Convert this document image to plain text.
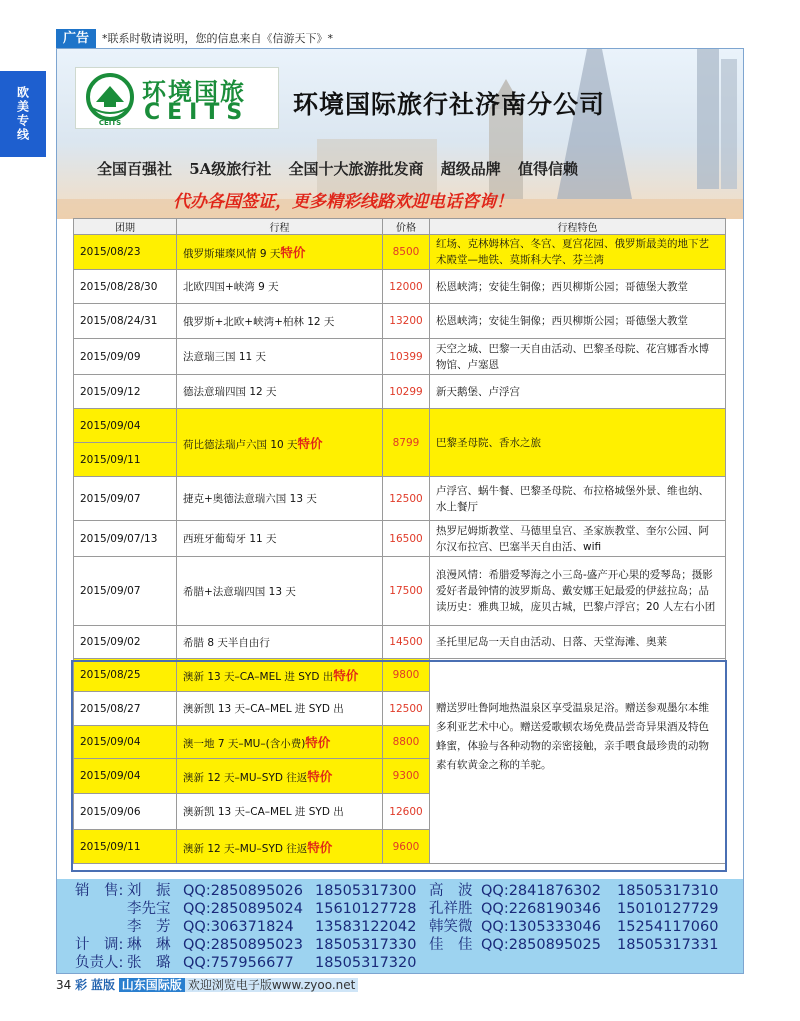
广告	*联系时敬请说明，您的信息来自《信游天下》*
欧美专线	CEITS
环境国旅
CEITS 环境国际旅行社济南分公司
全国百强社 5A级旅行社 全国十大旅游批发商 超级品牌 值得信赖
代办各国签证，更多精彩线路欢迎电话咨询！
团期	行程	价格	行程特色
2015/08/23	俄罗斯璀璨风情 9 天特价	8500	红场、克林姆林宫、冬宫、夏宫花园、俄罗斯最美的地下艺术殿堂—地铁、莫斯科大学、芬兰湾
2015/08/28/30	北欧四国+峡湾 9 天	12000	松恩峡湾；安徒生铜像；西贝柳斯公园；哥德堡大教堂
2015/08/24/31	俄罗斯+北欧+峡湾+柏林 12 天	13200	松恩峡湾；安徒生铜像；西贝柳斯公园；哥德堡大教堂
2015/09/09	法意瑞三国 11 天	10399	天空之城、巴黎一天自由活动、巴黎圣母院、花宫娜香水博物馆、卢塞恩
2015/09/12	德法意瑞四国 12 天	10299	新天鹅堡、卢浮宫
2015/09/04	荷比德法瑞卢六国 10 天特价	8799	巴黎圣母院、香水之旅
2015/09/11			
2015/09/07	捷克+奥德法意瑞六国 13 天	12500	卢浮宫、蜗牛餐、巴黎圣母院、布拉格城堡外景、维也纳、水上餐厅
2015/09/07/13	西班牙葡萄牙 11 天	16500	热罗尼姆斯教堂、马德里皇宫、圣家族教堂、奎尔公园、阿尔汉布拉宫、巴塞半天自由活、wifi
2015/09/07	希腊+法意瑞四国 13 天	17500	浪漫风情：希腊爱琴海之小三岛-盛产开心果的爱琴岛；摄影爱好者最钟情的波罗斯岛、戴安娜王妃最爱的伊兹拉岛；品读历史：雅典卫城，庞贝古城，巴黎卢浮宫；20 人左右小团
2015/09/02	希腊 8 天半自由行	14500	圣托里尼岛一天自由活动、日落、天堂海滩、奥莱
2015/08/25	澳新 13 天–CA–MEL 进 SYD 出特价	9800	赠送罗吐鲁阿地热温泉区享受温泉足浴。赠送参观墨尔本维多利亚艺术中心。赠送爱歌顿农场免费品尝奇异果酒及特色蜂蜜，体验与各种动物的亲密接触，亲手喂食最珍贵的动物素有软黄金之称的羊驼。
2015/08/27	澳新凯 13 天–CA–MEL 进 SYD 出	12500	
2015/09/04	澳一地 7 天–MU–(含小费)特价	8800	
2015/09/04	澳新 12 天–MU–SYD 往返特价	9300	
2015/09/06	澳新凯 13 天–CA–MEL 进 SYD 出	12600	
2015/09/11	澳新 12 天–MU–SYD 往返特价	9600	
销　售: 刘　振 QQ:2850895026 18505317300 高　波 QQ:2841876302 18505317310
李先宝 QQ:2850895024 15610127728 孔祥胜 QQ:2268190346 15010127729
李　芳 QQ:306371824 13583122042 韩笑微 QQ:1305333046 15254117060
计　调: 琳　琳 QQ:2850895023 18505317330 佳　佳 QQ:2850895025 18505317331
负责人: 张　璐 QQ:757956677 18505317320
34 彩 蓝版 山东国际版 欢迎浏览电子版www.zyoo.net
